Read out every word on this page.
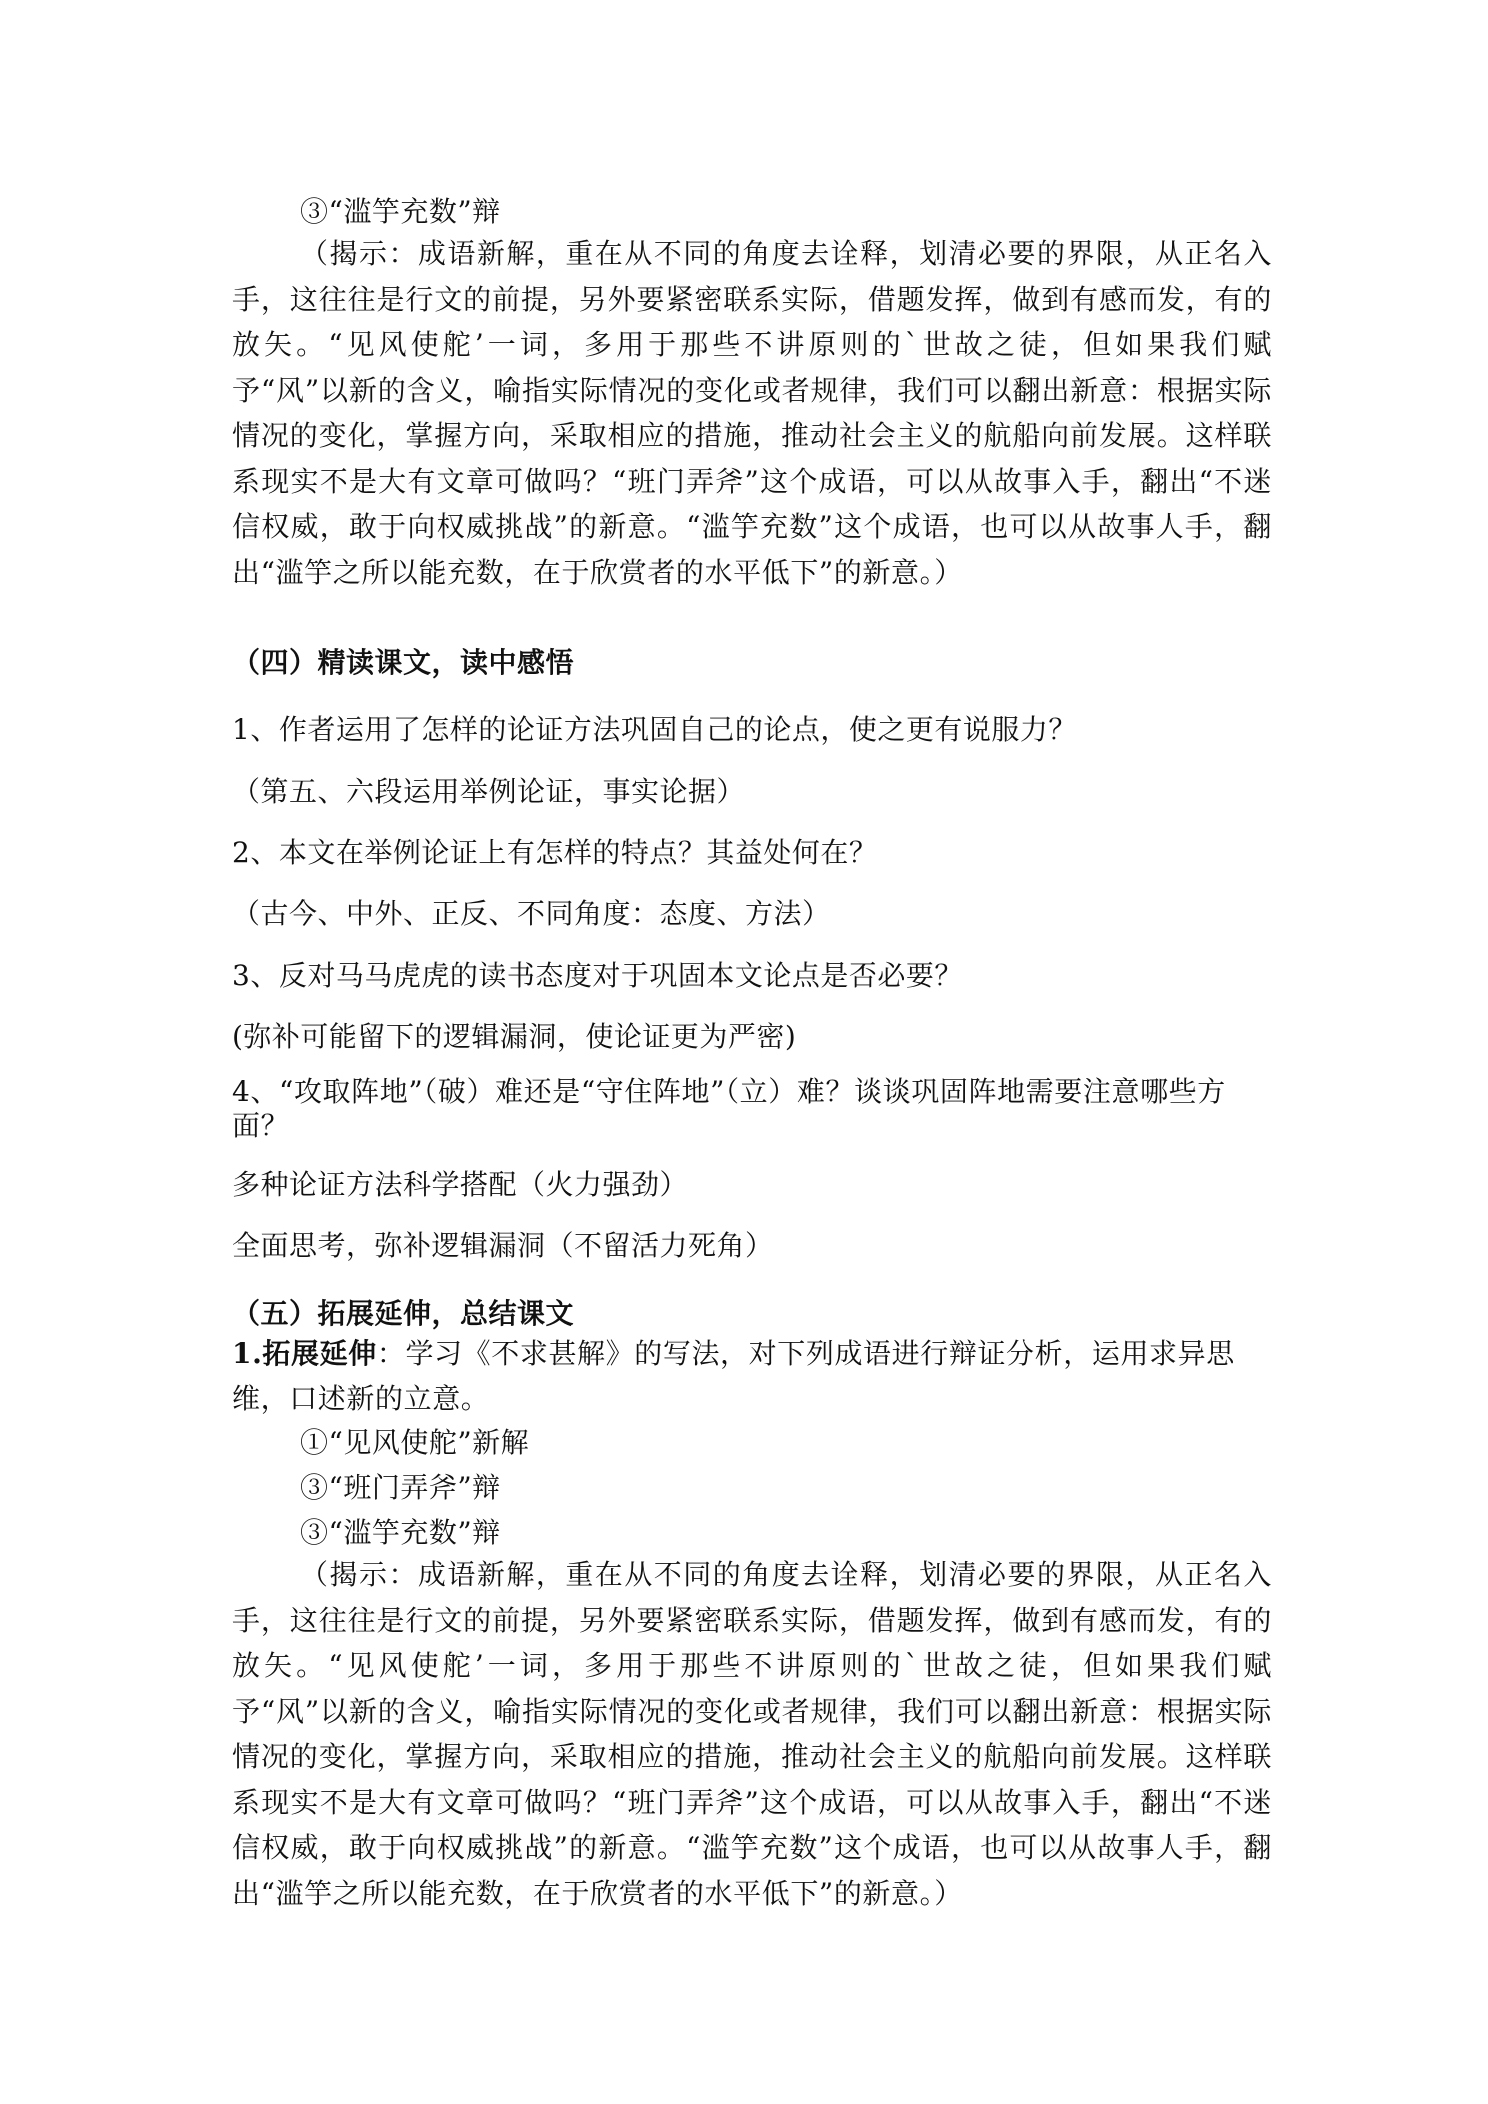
③“滥竽充数”辩
（揭示：成语新解，重在从不同的角度去诠释，划清必要的界限，从正名入手，这往往是行文的前提，另外要紧密联系实际，借题发挥，做到有感而发，有的放矢。“见风使舵’一词，多用于那些不讲原则的`世故之徒，但如果我们赋予“风”以新的含义，喻指实际情况的变化或者规律，我们可以翻出新意：根据实际情况的变化，掌握方向，采取相应的措施，推动社会主义的航船向前发展。这样联系现实不是大有文章可做吗？“班门弄斧”这个成语，可以从故事入手，翻出“不迷信权威，敢于向权威挑战”的新意。“滥竽充数”这个成语，也可以从故事人手，翻出“滥竽之所以能充数，在于欣赏者的水平低下”的新意。）
（四）精读课文，读中感悟
1、作者运用了怎样的论证方法巩固自己的论点，使之更有说服力？
（第五、六段运用举例论证，事实论据）
2、本文在举例论证上有怎样的特点？其益处何在？
（古今、中外、正反、不同角度：态度、方法）
3、反对马马虎虎的读书态度对于巩固本文论点是否必要？
(弥补可能留下的逻辑漏洞，使论证更为严密)
4、“攻取阵地”（破）难还是“守住阵地”（立）难？谈谈巩固阵地需要注意哪些方面？
多种论证方法科学搭配（火力强劲）
全面思考，弥补逻辑漏洞（不留活力死角）
（五）拓展延伸，总结课文
1.拓展延伸：学习《不求甚解》的写法，对下列成语进行辩证分析，运用求异思维，口述新的立意。
①“见风使舵”新解
③“班门弄斧”辩
③“滥竽充数”辩
（揭示：成语新解，重在从不同的角度去诠释，划清必要的界限，从正名入手，这往往是行文的前提，另外要紧密联系实际，借题发挥，做到有感而发，有的放矢。“见风使舵’一词，多用于那些不讲原则的`世故之徒，但如果我们赋予“风”以新的含义，喻指实际情况的变化或者规律，我们可以翻出新意：根据实际情况的变化，掌握方向，采取相应的措施，推动社会主义的航船向前发展。这样联系现实不是大有文章可做吗？“班门弄斧”这个成语，可以从故事入手，翻出“不迷信权威，敢于向权威挑战”的新意。“滥竽充数”这个成语，也可以从故事人手，翻出“滥竽之所以能充数，在于欣赏者的水平低下”的新意。）
